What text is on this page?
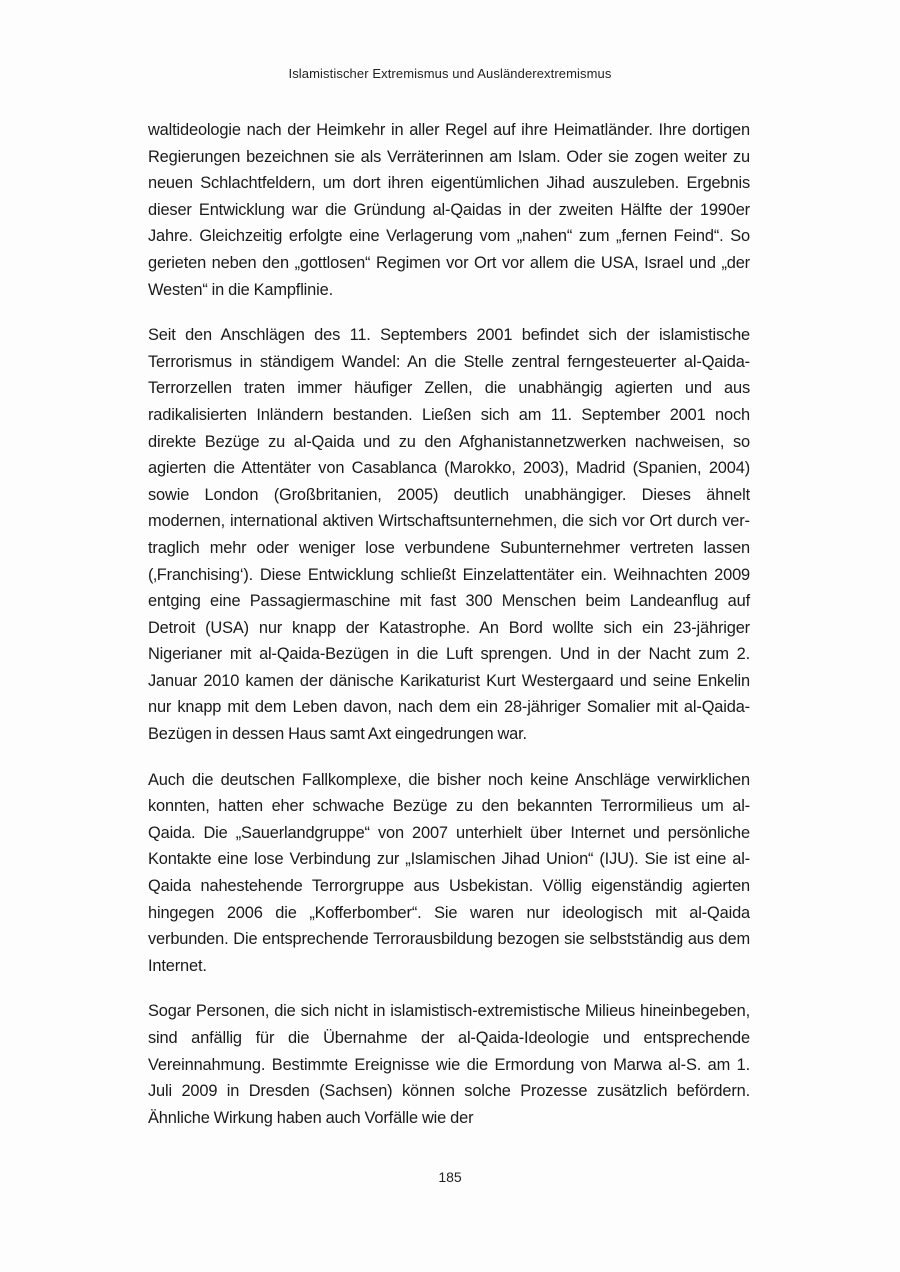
Islamistischer Extremismus und Ausländerextremismus

waltideologie nach der Heimkehr in aller Regel auf ihre Heimatländer. Ihre dortigen Regierungen bezeichnen sie als Verräterinnen am Islam. Oder sie zogen weiter zu neuen Schlachtfeldern, um dort ihren eigentümlichen Jihad auszuleben. Ergebnis dieser Entwicklung war die Gründung al-Qaidas in der zweiten Hälfte der 1990er Jahre. Gleichzeitig erfolgte eine Verlagerung vom „nahen“ zum „fernen Feind“. So gerieten neben den „gottlosen“ Regimen vor Ort vor allem die USA, Israel und „der Westen“ in die Kampflinie.

Seit den Anschlägen des 11. Septembers 2001 befindet sich der islamistische Terrorismus in ständigem Wandel: An die Stelle zentral ferngesteuerter al-Qaida-Terrorzellen traten immer häufiger Zellen, die unabhängig agierten und aus radikalisierten Inländern bestanden. Ließen sich am 11. September 2001 noch direkte Bezüge zu al-Qaida und zu den Afghanistannetzwerken nachweisen, so agierten die Attentäter von Casablanca (Marokko, 2003), Madrid (Spanien, 2004) sowie London (Großbritanien, 2005) deutlich unabhängiger. Dieses ähnelt modernen, international aktiven Wirtschaftsunternehmen, die sich vor Ort durch vertraglich mehr oder weniger lose verbundene Subunternehmer vertreten lassen (‚Franchising‘). Diese Entwicklung schließt Einzelattentäter ein. Weihnachten 2009 entging eine Passagiermaschine mit fast 300 Menschen beim Landeanflug auf Detroit (USA) nur knapp der Katastrophe. An Bord wollte sich ein 23-jähriger Nigerianer mit al-Qaida-Bezügen in die Luft sprengen. Und in der Nacht zum 2. Januar 2010 kamen der dänische Karikaturist Kurt Westergaard und seine Enkelin nur knapp mit dem Leben davon, nach dem ein 28-jähriger Somalier mit al-Qaida-Bezügen in dessen Haus samt Axt eingedrungen war.

Auch die deutschen Fallkomplexe, die bisher noch keine Anschläge verwirklichen konnten, hatten eher schwache Bezüge zu den bekannten Terrormilieus um al-Qaida. Die „Sauerlandgruppe“ von 2007 unterhielt über Internet und persönliche Kontakte eine lose Verbindung zur „Islamischen Jihad Union“ (IJU). Sie ist eine al-Qaida nahestehende Terrorgruppe aus Usbekistan. Völlig eigenständig agierten hingegen 2006 die „Kofferbomber“. Sie waren nur ideologisch mit al-Qaida verbunden. Die entsprechende Terrorausbildung bezogen sie selbstständig aus dem Internet.

Sogar Personen, die sich nicht in islamistisch-extremistische Milieus hineinbegeben, sind anfällig für die Übernahme der al-Qaida-Ideologie und entsprechende Vereinnahmung. Bestimmte Ereignisse wie die Ermordung von Marwa al-S. am 1. Juli 2009 in Dresden (Sachsen) können solche Prozesse zusätzlich befördern. Ähnliche Wirkung haben auch Vorfälle wie der

185
